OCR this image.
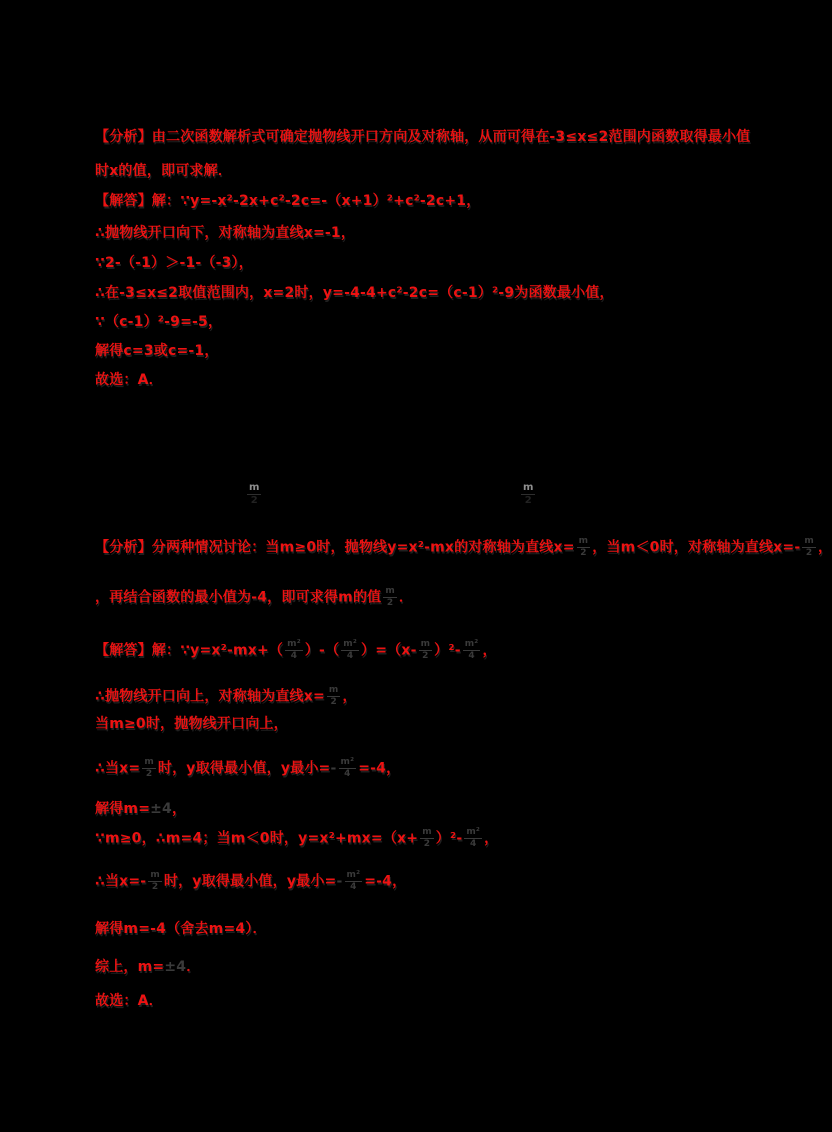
【分析】由二次函数解析式可确定抛物线开口方向及对称轴，从而可得在-3≤x≤2范围内函数取得最小值
时x的值，即可求解．
【解答】解：∵y=-x²-2x+c²-2c=-（x+1）²+c²-2c+1，
∴抛物线开口向下，对称轴为直线x=-1，
∵2-（-1）＞-1-（-3），
∴在-3≤x≤2取值范围内，x=2时，y=-4-4+c²-2c=（c-1）²-9为函数最小值，
∵（c-1）²-9=-5，
解得c=3或c=-1，
故选：A．
$\frac{m}{2}$	$\frac{m}{2}$
【分析】分两种情况讨论：当m≥0时，抛物线y=x²-mx的对称轴为直线$x= \frac{m}{2}$ ，当m＜0时，对称轴为直线$x=- \frac{m}{2}$ ，
，再结合函数的最小值为-4，即可求得m的值 $\frac{m}{2}$ ．
【解答】解：∵y=x²-mx+（ $\frac{\text{m²}}{4}$ ）-（ $\frac{\text{m²}}{4} )=(x- \frac{m}{2} )^2- \frac{\text{m²}}{4}$ ，
∴抛物线开口向上，对称轴为直线$x= \frac{m}{2}$ ，
当m≥0时，抛物线开口向上，
∴当$x= \frac{m}{2}$ 时，y取得最小值，y最小=- $\frac{\text{m²}}{4} =-4$，
解得m=±4，
∵m≥0，∴m=4；当m＜0时，$y=x^2+mx=(x+ \frac{m}{2} )^2- \frac{\text{m²}}{4}$ ，
∴当$x=- \frac{m}{2}$ 时，y取得最小值，y最小=- $\frac{\text{m²}}{4} =-4$，
解得m=-4（舍去m=4）．
综上，m=±4．
故选：A．
